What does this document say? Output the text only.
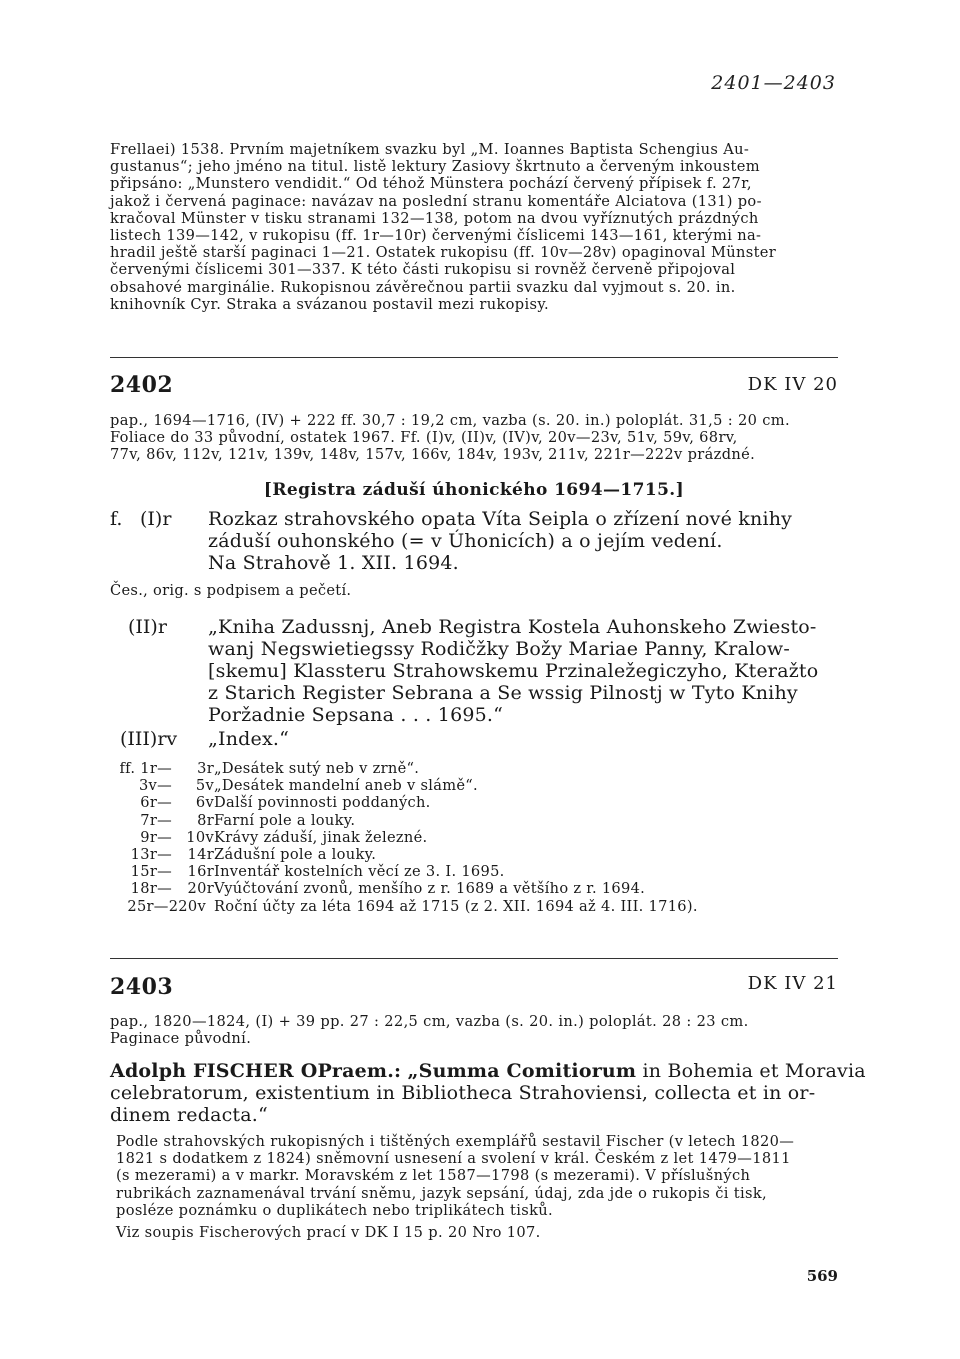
2401—2403
Frellaei) 1538. Prvním majetníkem svazku byl „M. Ioannes Baptista Schengius Au-
gustanus“; jeho jméno na titul. listě lektury Zasiovy škrtnuto a červeným inkoustem
připsáno: „Munstero vendidit.“ Od téhož Münstera pochází červený přípisek f. 27r,
jakož i červená paginace: navázav na poslední stranu komentáře Alciatova (131) po-
kračoval Münster v tisku stranami 132—138, potom na dvou vyříznutých prázdných
listech 139—142, v rukopisu (ff. 1r—10r) červenými číslicemi 143—161, kterými na-
hradil ještě starší paginaci 1—21. Ostatek rukopisu (ff. 10v—28v) opaginoval Münster
červenými číslicemi 301—337. K této části rukopisu si rovněž červeně připojoval
obsahové marginálie. Rukopisnou závěrečnou partii svazku dal vyjmout s. 20. in.
knihovník Cyr. Straka a svázanou postavil mezi rukopisy.
2402	DK IV 20
pap., 1694—1716, (IV) + 222 ff. 30,7 : 19,2 cm, vazba (s. 20. in.) poloplát. 31,5 : 20 cm.
Foliace do 33 původní, ostatek 1967. Ff. (I)v, (II)v, (IV)v, 20v—23v, 51v, 59v, 68rv,
77v, 86v, 112v, 121v, 139v, 148v, 157v, 166v, 184v, 193v, 211v, 221r—222v prázdné.
[Registra záduší úhonického 1694—1715.]
f. (I)r Rozkaz strahovského opata Víta Seipla o zřízení nové knihy
záduší ouhonského (= v Úhonicích) a o jejím vedení.
Na Strahově 1. XII. 1694.
Čes., orig. s podpisem a pečetí.
(II)r „Kniha Zadussnj, Aneb Registra Kostela Auhonskeho Zwiesto-
wanj Negswietiegssy Rodičžky Božy Mariae Panny, Kralow-
[skemu] Klassteru Strahowskemu Przinaležegiczyho, Kteražto
z Starich Register Sebrana a Se wssig Pilnostj w Tyto Knihy
Poržadnie Sepsana . . . 1695.“
(III)rv „Index.“
ff. 1r—	3r „Desátek sutý neb v zrně“.
3v—	5v „Desátek mandelní aneb v slámě“.
6r—	6v Další povinnosti poddaných.
7r—	8r Farní pole a louky.
9r— 10v Krávy záduší, jinak železné.
13r—	14r Zádušní pole a louky.
15r—	16r Inventář kostelních věcí ze 3. I. 1695.
18r—	20r Vyúčtování zvonů, menšího z r. 1689 a většího z r. 1694.
25r—220v Roční účty za léta 1694 až 1715 (z 2. XII. 1694 až 4. III. 1716).
2403	DK IV 21
pap., 1820—1824, (I) + 39 pp. 27 : 22,5 cm, vazba (s. 20. in.) poloplát. 28 : 23 cm.
Paginace původní.
Adolph FISCHER OPraem.: „Summa Comitiorum in Bohemia et Moravia
celebratorum, existentium in Bibliotheca Strahoviensi, collecta et in or-
dinem redacta.“
Podle strahovských rukopisných i tištěných exemplářů sestavil Fischer (v letech 1820—
1821 s dodatkem z 1824) sněmovní usnesení a svolení v král. Českém z let 1479—1811
(s mezerami) a v markr. Moravském z let 1587—1798 (s mezerami). V příslušných
rubrikách zaznamenával trvání sněmu, jazyk sepsání, údaj, zda jde o rukopis či tisk,
posléze poznámku o duplikátech nebo triplikátech tisků.
Viz soupis Fischerových prací v DK I 15 p. 20 Nro 107.
569
